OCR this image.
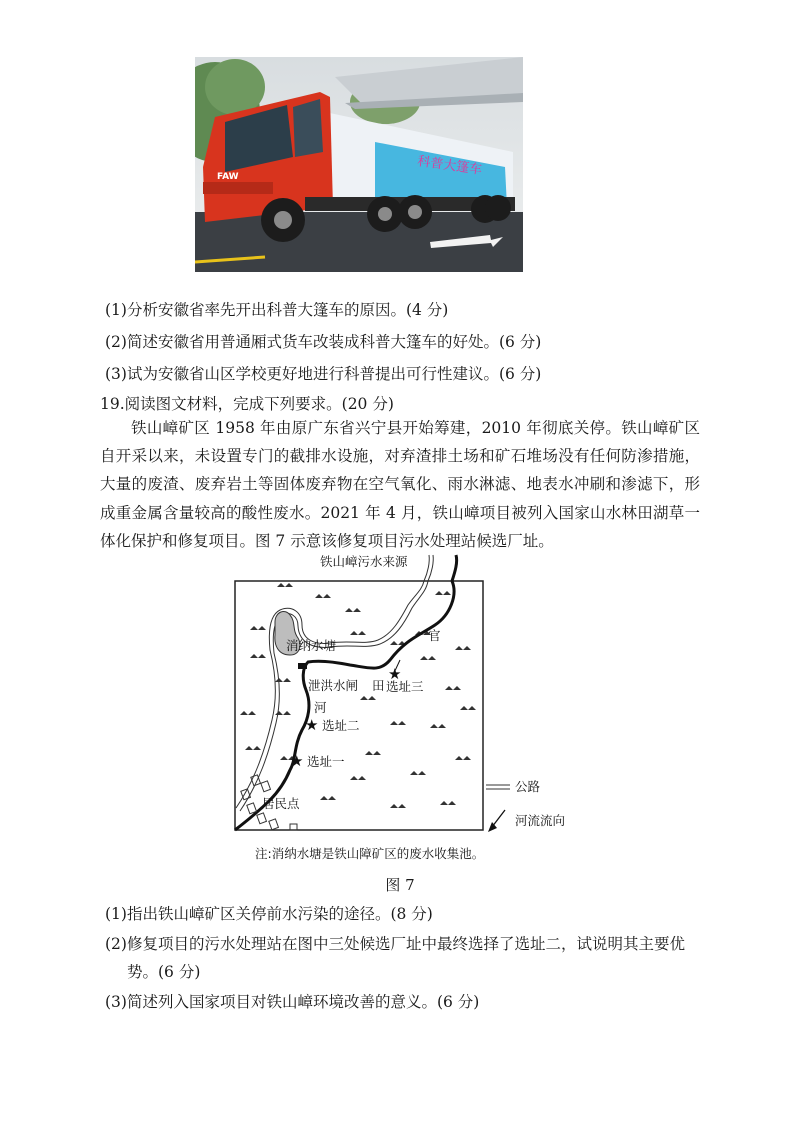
科普大篷车
FAW
(1)分析安徽省率先开出科普大篷车的原因。(4 分)
(2)简述安徽省用普通厢式货车改装成科普大篷车的好处。(6 分)
(3)试为安徽省山区学校更好地进行科普提出可行性建议。(6 分)
19.阅读图文材料，完成下列要求。(20 分)
铁山嶂矿区 1958 年由原广东省兴宁县开始筹建，2010 年彻底关停。铁山嶂矿区自开采以来，未设置专门的截排水设施，对弃渣排土场和矿石堆场没有任何防渗措施，大量的废渣、废弃岩土等固体废弃物在空气氧化、雨水淋滤、地表水冲刷和渗滤下，形成重金属含量较高的酸性废水。2021 年 4 月，铁山嶂项目被列入国家山水林田湖草一体化保护和修复项目。图 7 示意该修复项目污水处理站候选厂址。
铁山嶂污水来源
消纳水塘
泄洪水闸
河
官
田
★
选址三
★ 选址二
★ 选址一
居民点
公路
河流流向
注:消纳水塘是铁山障矿区的废水收集池。
图 7
(1)指出铁山嶂矿区关停前水污染的途径。(8 分)
(2)修复项目的污水处理站在图中三处候选厂址中最终选择了选址二，试说明其主要优
势。(6 分)
(3)简述列入国家项目对铁山嶂环境改善的意义。(6 分)
